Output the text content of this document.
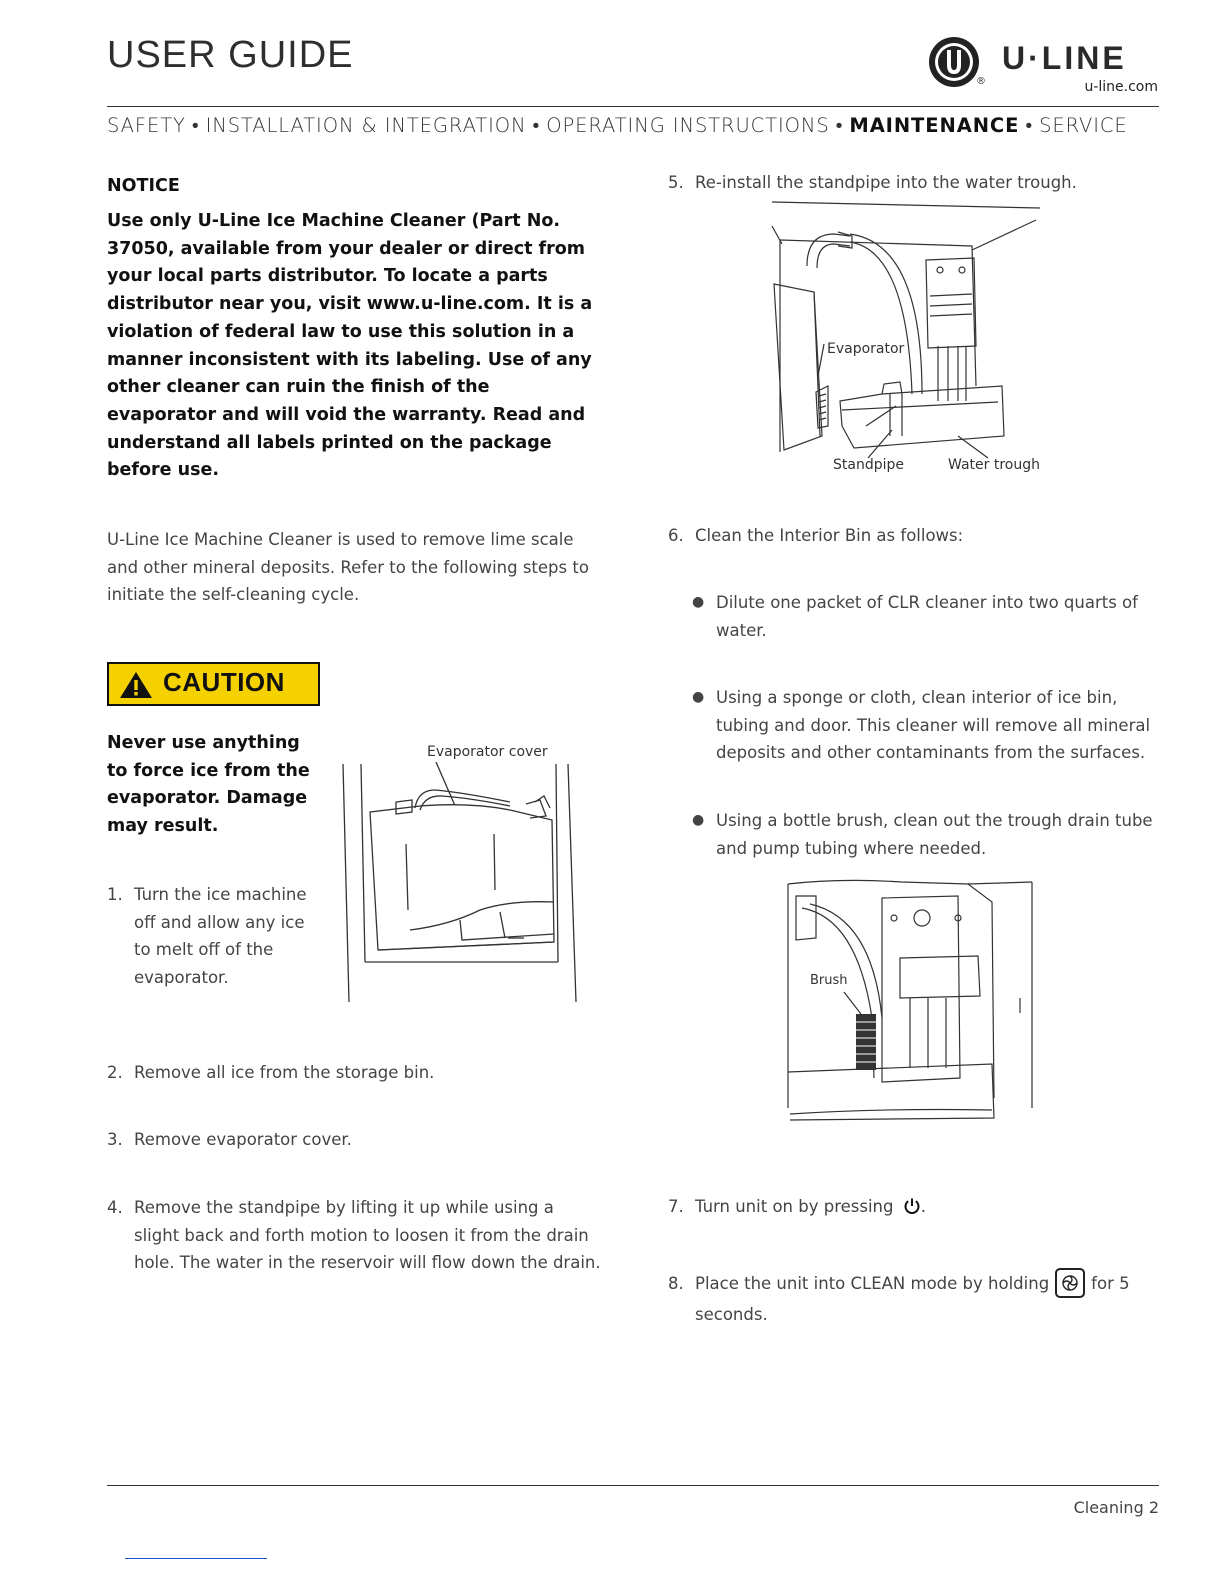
USER GUIDE
®
U·LINE
u-line.com
SAFETY • INSTALLATION & INTEGRATION • OPERATING INSTRUCTIONS • MAINTENANCE • SERVICE
NOTICE
Use only U-Line Ice Machine Cleaner (Part No. 37050, available from your dealer or direct from your local parts distributor. To locate a parts distributor near you, visit www.u-line.com. It is a violation of federal law to use this solution in a manner inconsistent with its labeling. Use of any other cleaner can ruin the finish of the evaporator and will void the warranty. Read and understand all labels printed on the package before use.
U-Line Ice Machine Cleaner is used to remove lime scale and other mineral deposits. Refer to the following steps to initiate the self-cleaning cycle.
CAUTION
Never use anything to force ice from the evaporator. Damage may result.
Evaporator cover
1. Turn the ice machine off and allow any ice to melt off of the evaporator.
2. Remove all ice from the storage bin.
3. Remove evaporator cover.
4. Remove the standpipe by lifting it up while using a slight back and forth motion to loosen it from the drain hole. The water in the reservoir will flow down the drain.
5. Re-install the standpipe into the water trough.
Evaporator
Standpipe	Water trough
6. Clean the Interior Bin as follows:
● Dilute one packet of CLR cleaner into two quarts of water.
● Using a sponge or cloth, clean interior of ice bin, tubing and door. This cleaner will remove all mineral deposits and other contaminants from the surfaces.
● Using a bottle brush, clean out the trough drain tube and pump tubing where needed.
Brush
7. Turn unit on by pressing .
8. Place the unit into CLEAN mode by holding	for 5 seconds.
Cleaning 2
